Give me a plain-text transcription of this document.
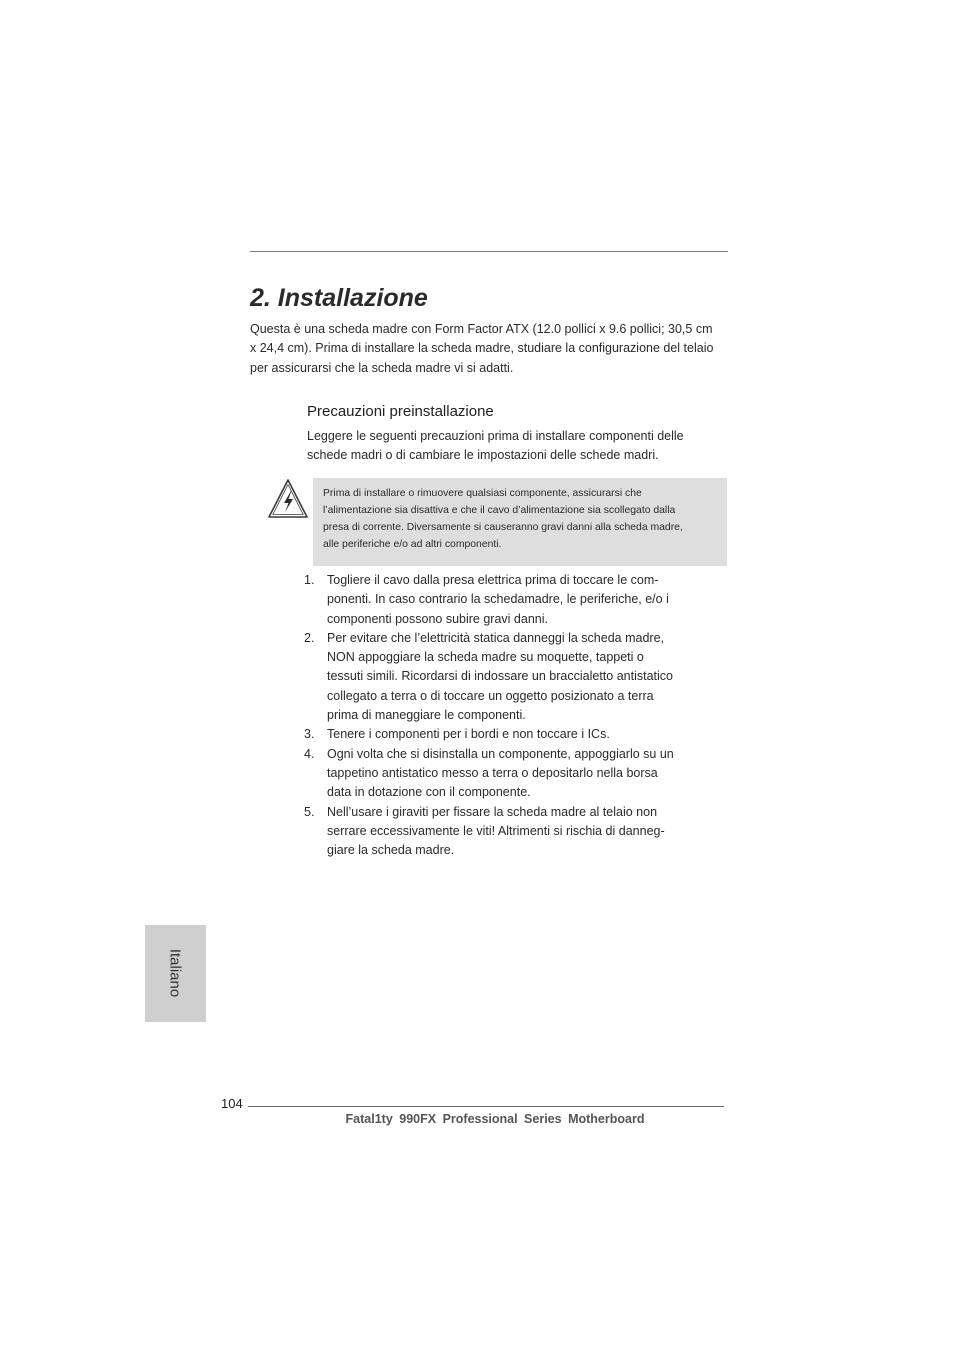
2. Installazione

Questa è una scheda madre con Form Factor ATX (12.0 pollici x 9.6 pollici; 30,5 cm
x 24,4 cm). Prima di installare la scheda madre, studiare la configurazione del telaio
per assicurarsi che la scheda madre vi si adatti.

Precauzioni preinstallazione

Leggere le seguenti precauzioni prima di installare componenti delle
schede madri o di cambiare le impostazioni delle schede madri.

Prima di installare o rimuovere qualsiasi componente, assicurarsi che
l’alimentazione sia disattiva e che il cavo d’alimentazione sia scollegato dalla
presa di corrente. Diversamente si causeranno gravi danni alla scheda madre,
alle periferiche e/o ad altri componenti.

1. Togliere il cavo dalla presa elettrica prima di toccare le com-
ponenti. In caso contrario la schedamadre, le periferiche, e/o i
componenti possono subire gravi danni.
2. Per evitare che l’elettricità statica danneggi la scheda madre,
NON appoggiare la scheda madre su moquette, tappeti o
tessuti simili. Ricordarsi di indossare un braccialetto antistatico
collegato a terra o di toccare un oggetto posizionato a terra
prima di maneggiare le componenti.
3. Tenere i componenti per i bordi e non toccare i ICs.
4. Ogni volta che si disinstalla un componente, appoggiarlo su un
tappetino antistatico messo a terra o depositarlo nella borsa
data in dotazione con il componente.
5. Nell’usare i giraviti per fissare la scheda madre al telaio non
serrare eccessivamente le viti! Altrimenti si rischia di danneg-
giare la scheda madre.
Italiano
104
Fatal1ty 990FX Professional Series Motherboard
